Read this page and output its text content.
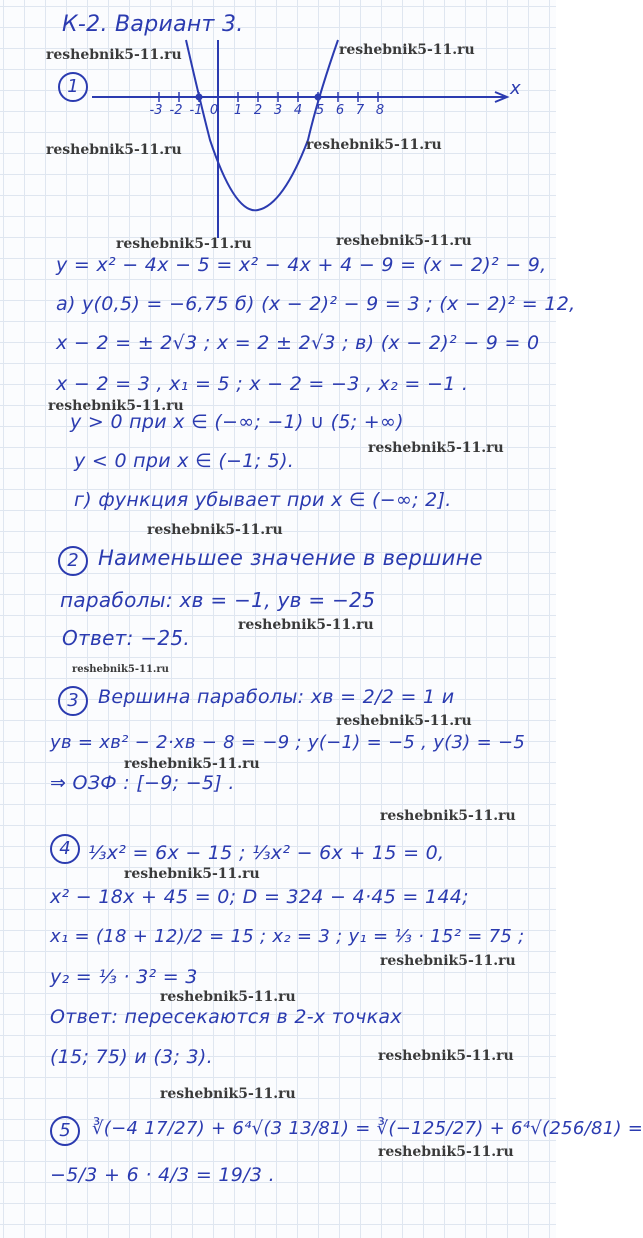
К-2. Вариант 3.
1	x
-3 -2 -1 0 1 2 3 4 5 6 7 8
y = x² − 4x − 5 = x² − 4x + 4 − 9 = (x − 2)² − 9,
а) y(0,5) = −6,75 б) (x − 2)² − 9 = 3 ; (x − 2)² = 12,
x − 2 = ± 2√3 ; x = 2 ± 2√3 ; в) (x − 2)² − 9 = 0
x − 2 = 3 , x₁ = 5 ; x − 2 = −3 , x₂ = −1 .
y > 0 при x ∈ (−∞; −1) ∪ (5; +∞)
y < 0 при x ∈ (−1; 5).
г) функция убывает при x ∈ (−∞; 2].
2 Наименьшее значение в вершине
параболы: xв = −1, yв = −25
Ответ: −25.
3	Вершина параболы: xв = 2/2 = 1 и
yв = xв² − 2·xв − 8 = −9 ; y(−1) = −5 , y(3) = −5
⇒ ОЗФ : [−9; −5] .
4 ⅓x² = 6x − 15 ; ⅓x² − 6x + 15 = 0,
x² − 18x + 45 = 0; D = 324 − 4·45 = 144;
x₁ = (18 + 12)/2 = 15 ; x₂ = 3 ; y₁ = ⅓ · 15² = 75 ;
y₂ = ⅓ · 3² = 3
Ответ: пересекаются в 2-х точках
(15; 75) и (3; 3).
5	∛(−4 17/27) + 6⁴√(3 13/81) = ∛(−125/27) + 6⁴√(256/81) =
−5/3 + 6 · 4/3 = 19/3 .
reshebnik5-11.ru	reshebnik5-11.ru
reshebnik5-11.ru	reshebnik5-11.ru
reshebnik5-11.ru	reshebnik5-11.ru
reshebnik5-11.ru
reshebnik5-11.ru
reshebnik5-11.ru
reshebnik5-11.ru
reshebnik5-11.ru
reshebnik5-11.ru
reshebnik5-11.ru
reshebnik5-11.ru
reshebnik5-11.ru
reshebnik5-11.ru
reshebnik5-11.ru
reshebnik5-11.ru
reshebnik5-11.ru
reshebnik5-11.ru
